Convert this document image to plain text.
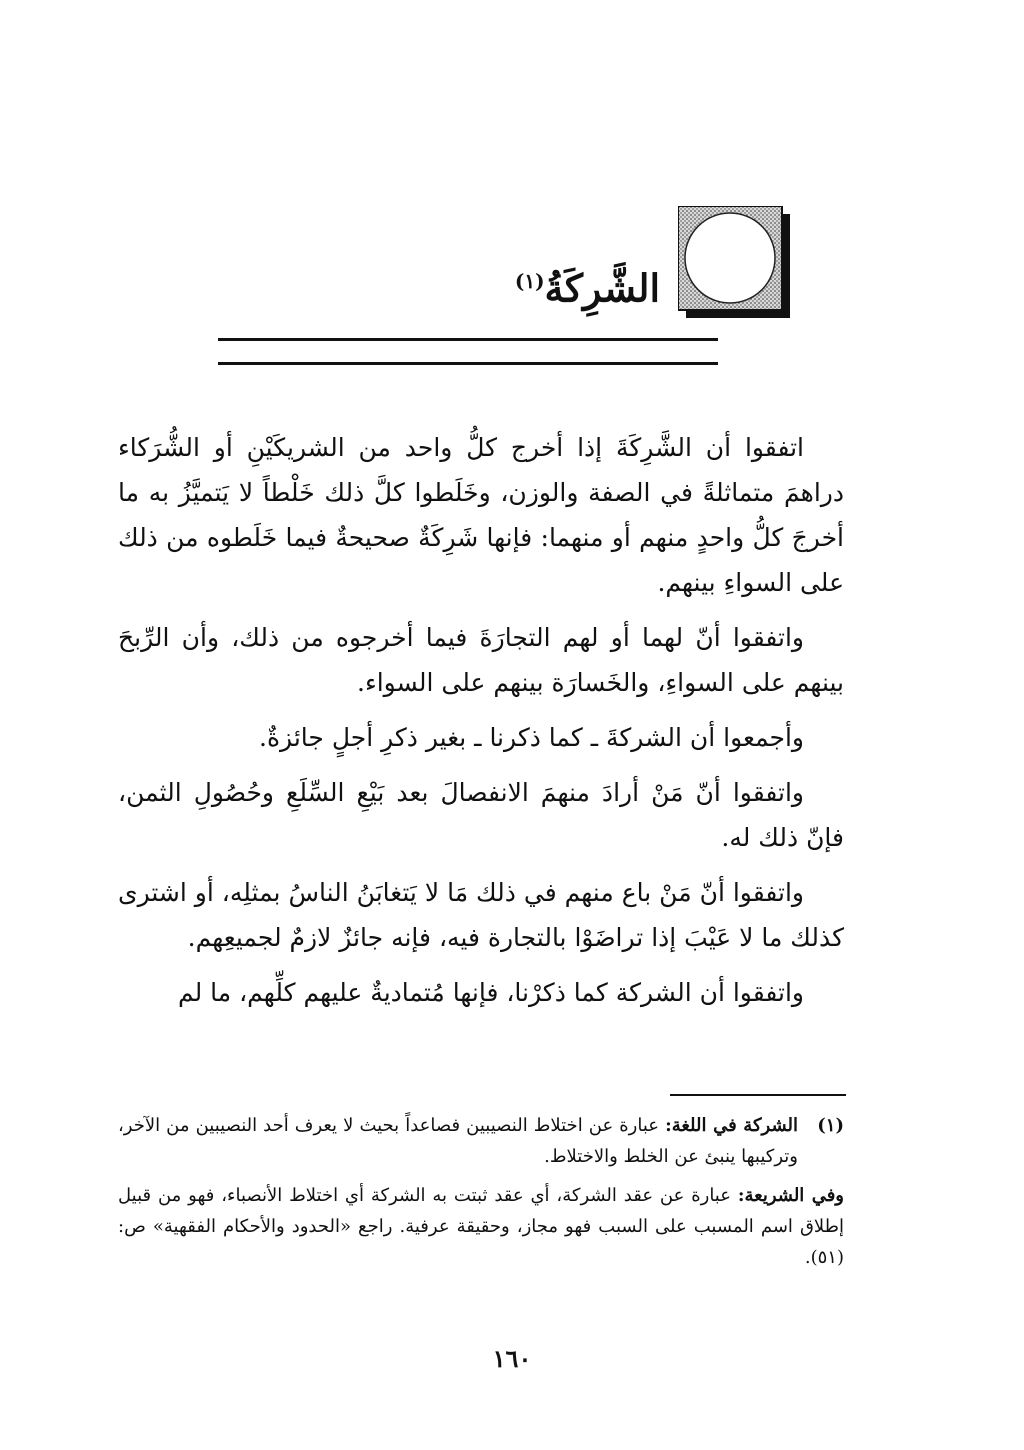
الشَّرِكَةُ$^{(١)}$

اتفقوا أن الشَّرِكَةَ إذا أخرج كلُّ واحد من الشريكَيْنِ أو الشُّرَكاء دراهمَ متماثلةً في الصفة والوزن، وخَلَطوا كلَّ ذلك خَلْطاً لا يَتميَّزُ به ما أخرجَ كلُّ واحدٍ منهم أو منهما: فإنها شَرِكَةٌ صحيحةٌ فيما خَلَطوه من ذلك على السواءِ بينهم.

واتفقوا أنّ لهما أو لهم التجارَةَ فيما أخرجوه من ذلك، وأن الرِّبحَ بينهم على السواءِ، والخَسارَة بينهم على السواء.

وأجمعوا أن الشركةَ ـ كما ذكرنا ـ بغير ذكرِ أجلٍ جائزةٌ.

واتفقوا أنّ مَنْ أرادَ منهمَ الانفصالَ بعد بَيْعِ السِّلَعِ وحُصُولِ الثمن، فإنّ ذلك له.

واتفقوا أنّ مَنْ باع منهم في ذلك مَا لا يَتغابَنُ الناسُ بمثلِه، أو اشترى كذلك ما لا عَيْبَ إذا تراضَوْا بالتجارة فيه، فإنه جائزٌ لازمٌ لجميعِهم.

واتفقوا أن الشركة كما ذكرْنا، فإنها مُتماديةٌ عليهم كلِّهم، ما لم

(١)

الشركة في اللغة: عبارة عن اختلاط النصيبين فصاعداً بحيث لا يعرف أحد النصيبين من الآخر، وتركيبها ينبئ عن الخلط والاختلاط.

وفي الشريعة: عبارة عن عقد الشركة، أي عقد ثبتت به الشركة أي اختلاط الأنصباء، فهو من قبيل إطلاق اسم المسبب على السبب فهو مجاز، وحقيقة عرفية. راجع «الحدود والأحكام الفقهية» ص: (٥١).

١٦٠
